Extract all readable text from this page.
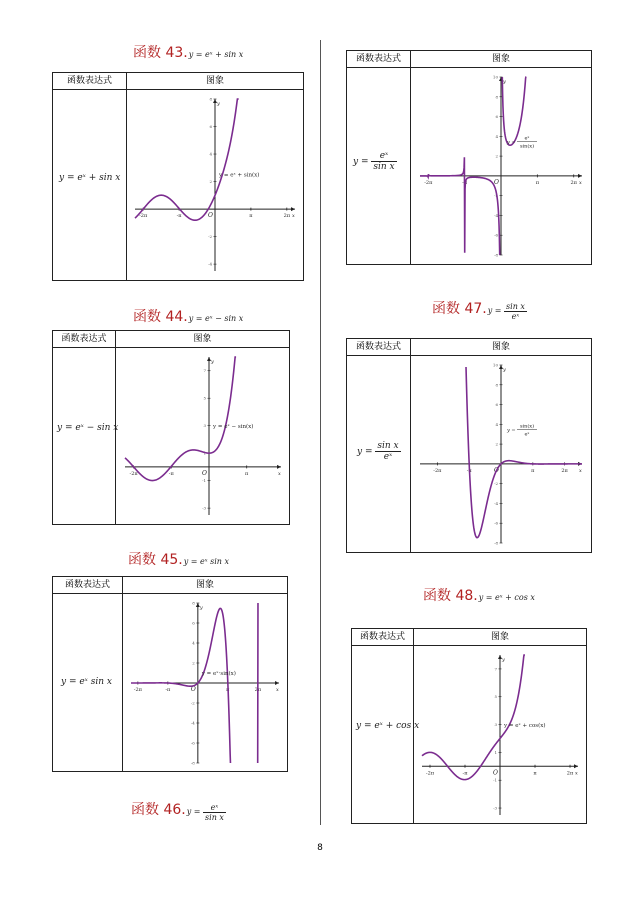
函数 43.y = eˣ + sin x
函数表达式	图象
y = eˣ + sin x
-2π	-π	π	2π
-4
-2
2
4
6
8
O	x
y
y = eˣ + sin(x)
函数 44.y = eˣ − sin x
函数表达式	图象
y = eˣ − sin x
-2π	-π	π
-3
-1
1
3
5
7
O	x
y
y = eˣ − sin(x)
函数 45.y = eˣ sin x
函数表达式	图象
y = eˣ sin x
-2π	-π	π	2π
-8
-6
-4
-2
2
4
6
8
O	x
y
y = eˣ·sin(x)
函数 $46.y = \frac{\text{eˣ}}{\text{sin x}}$
函数表达式	图象
$y = \frac{\text{eˣ}}{\text{sin x}}$
-2π	-π	π	2π
-8
-6
-4
-2
2
4
6
8
10
O	x
y
eˣ
sin(x)
y =
函数 $47.y = \frac{\text{sin x}}{\text{eˣ}}$
函数表达式	图象
$y = \frac{\text{sin x}}{\text{eˣ}}$
-2π	-π	π	2π
-8
-6
-4
-2
2
4
6
8
10
O	x
y
sin(x)
eˣ
y =
函数 48.y = eˣ + cos x
函数表达式	图象
y = eˣ + cos x
-2π	-π	π	2π
-3
-1
1
3
5
7
O	x
y
y = eˣ + cos(x)
8
